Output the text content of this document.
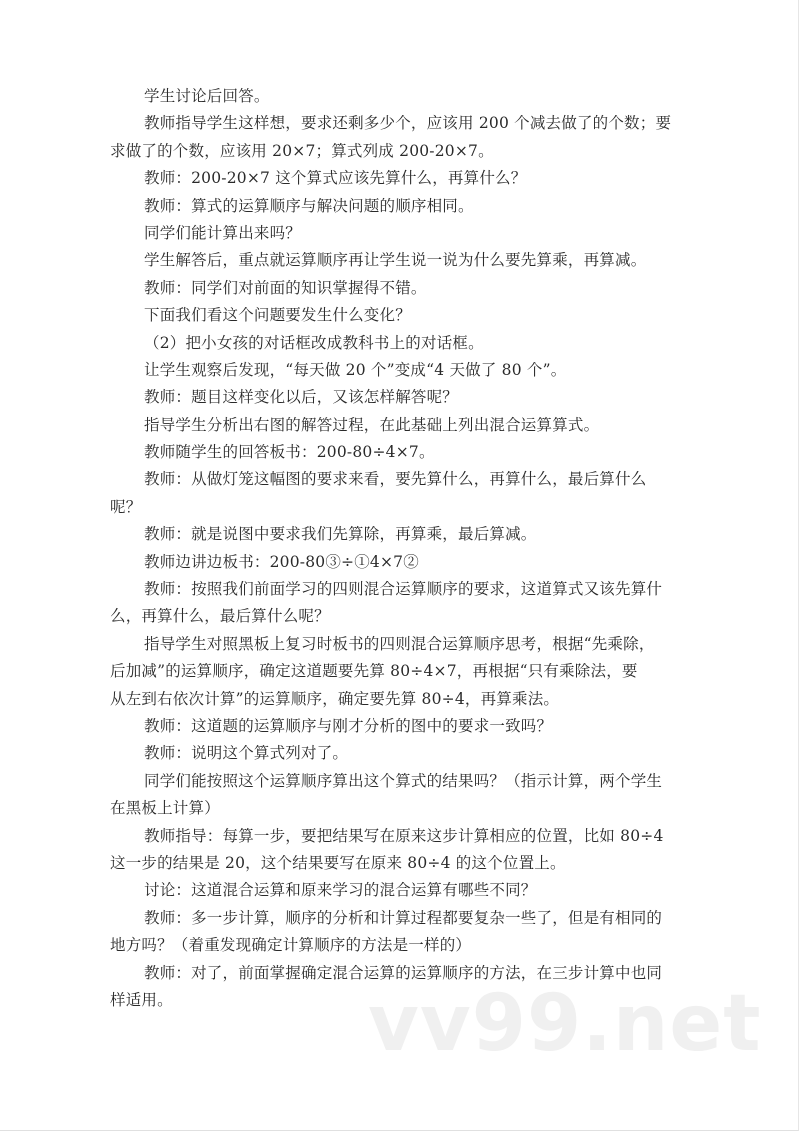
学生讨论后回答。
教师指导学生这样想，要求还剩多少个，应该用 200 个减去做了的个数；要
求做了的个数，应该用 20×7；算式列成 200-20×7。
教师：200-20×7 这个算式应该先算什么，再算什么？
教师：算式的运算顺序与解决问题的顺序相同。
同学们能计算出来吗？
学生解答后，重点就运算顺序再让学生说一说为什么要先算乘，再算减。
教师：同学们对前面的知识掌握得不错。
下面我们看这个问题要发生什么变化？
（2）把小女孩的对话框改成教科书上的对话框。
让学生观察后发现，“每天做 20 个”变成“4 天做了 80 个”。
教师：题目这样变化以后，又该怎样解答呢？
指导学生分析出右图的解答过程，在此基础上列出混合运算算式。
教师随学生的回答板书：200-80÷4×7。
教师：从做灯笼这幅图的要求来看，要先算什么，再算什么，最后算什么
呢？
教师：就是说图中要求我们先算除，再算乘，最后算减。
教师边讲边板书：200-80③÷①4×7②
教师：按照我们前面学习的四则混合运算顺序的要求，这道算式又该先算什
么，再算什么，最后算什么呢？
指导学生对照黑板上复习时板书的四则混合运算顺序思考，根据“先乘除，
后加减”的运算顺序，确定这道题要先算 80÷4×7，再根据“只有乘除法，要
从左到右依次计算”的运算顺序，确定要先算 80÷4，再算乘法。
教师：这道题的运算顺序与刚才分析的图中的要求一致吗？
教师：说明这个算式列对了。
同学们能按照这个运算顺序算出这个算式的结果吗？（指示计算，两个学生
在黑板上计算）
教师指导：每算一步，要把结果写在原来这步计算相应的位置，比如 80÷4
这一步的结果是 20，这个结果要写在原来 80÷4 的这个位置上。
讨论：这道混合运算和原来学习的混合运算有哪些不同？
教师：多一步计算，顺序的分析和计算过程都要复杂一些了，但是有相同的
地方吗？（着重发现确定计算顺序的方法是一样的）
教师：对了，前面掌握确定混合运算的运算顺序的方法，在三步计算中也同
样适用。	vv99.net
